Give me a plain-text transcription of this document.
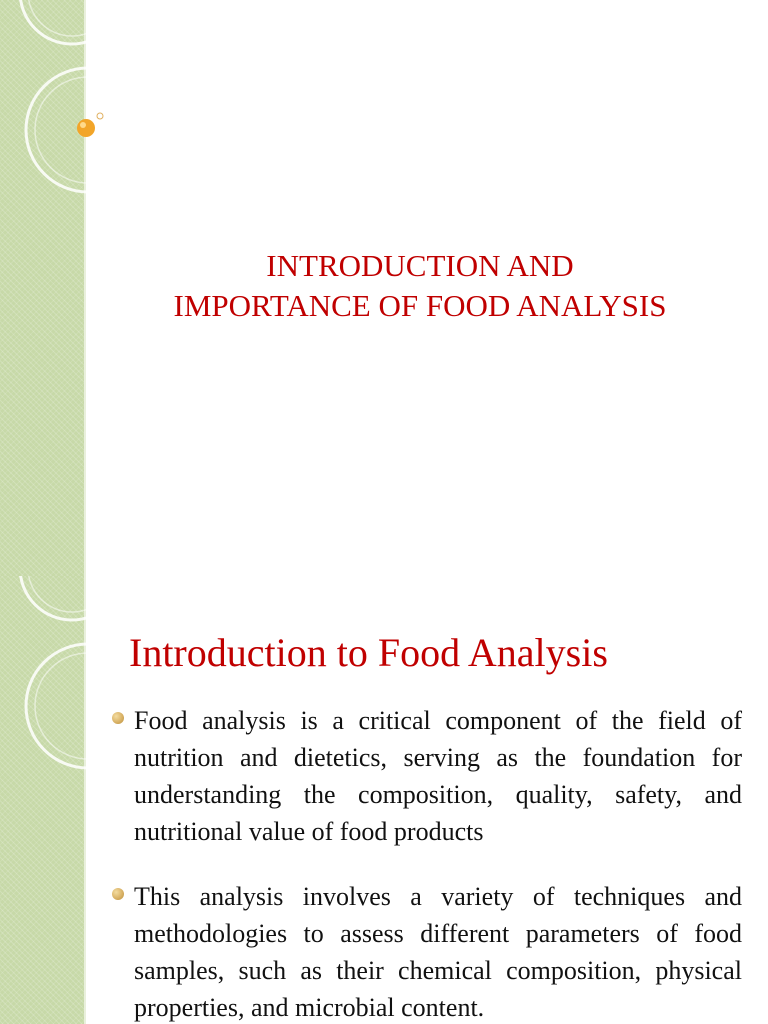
INTRODUCTION AND
IMPORTANCE OF FOOD ANALYSIS
Introduction to Food Analysis
Food analysis is a critical component of the field of nutrition and dietetics, serving as the foundation for understanding the composition, quality, safety, and nutritional value of food products
This analysis involves a variety of techniques and methodologies to assess different parameters of food samples, such as their chemical composition, physical properties, and microbial content.
